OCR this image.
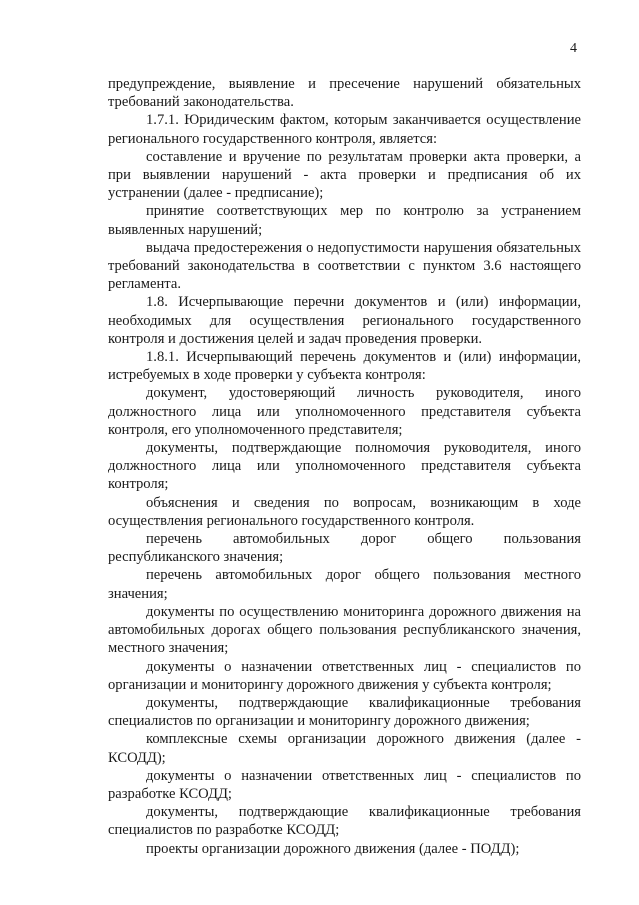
4

предупреждение, выявление и пресечение нарушений обязательных требований законодательства.

1.7.1. Юридическим фактом, которым заканчивается осуществление регионального государственного контроля, является:

составление и вручение по результатам проверки акта проверки, а при выявлении нарушений - акта проверки и предписания об их устранении (далее - предписание);

принятие соответствующих мер по контролю за устранением выявленных нарушений;

выдача предостережения о недопустимости нарушения обязательных требований законодательства в соответствии с пунктом 3.6 настоящего регламента.

1.8. Исчерпывающие перечни документов и (или) информации, необходимых для осуществления регионального государственного контроля и достижения целей и задач проведения проверки.

1.8.1. Исчерпывающий перечень документов и (или) информации, истребуемых в ходе проверки у субъекта контроля:

документ, удостоверяющий личность руководителя, иного должностного лица или уполномоченного представителя субъекта контроля, его уполномоченного представителя;

документы, подтверждающие полномочия руководителя, иного должностного лица или уполномоченного представителя субъекта контроля;

объяснения и сведения по вопросам, возникающим в ходе осуществления регионального государственного контроля.

перечень автомобильных дорог общего пользования республиканского значения;

перечень автомобильных дорог общего пользования местного значения;

документы по осуществлению мониторинга дорожного движения на автомобильных дорогах общего пользования республиканского значения, местного значения;

документы о назначении ответственных лиц - специалистов по организации и мониторингу дорожного движения у субъекта контроля;

документы, подтверждающие квалификационные требования специалистов по организации и мониторингу дорожного движения;

комплексные схемы организации дорожного движения (далее - КСОДД);

документы о назначении ответственных лиц - специалистов по разработке КСОДД;

документы, подтверждающие квалификационные требования специалистов по разработке КСОДД;

проекты организации дорожного движения (далее - ПОДД);
